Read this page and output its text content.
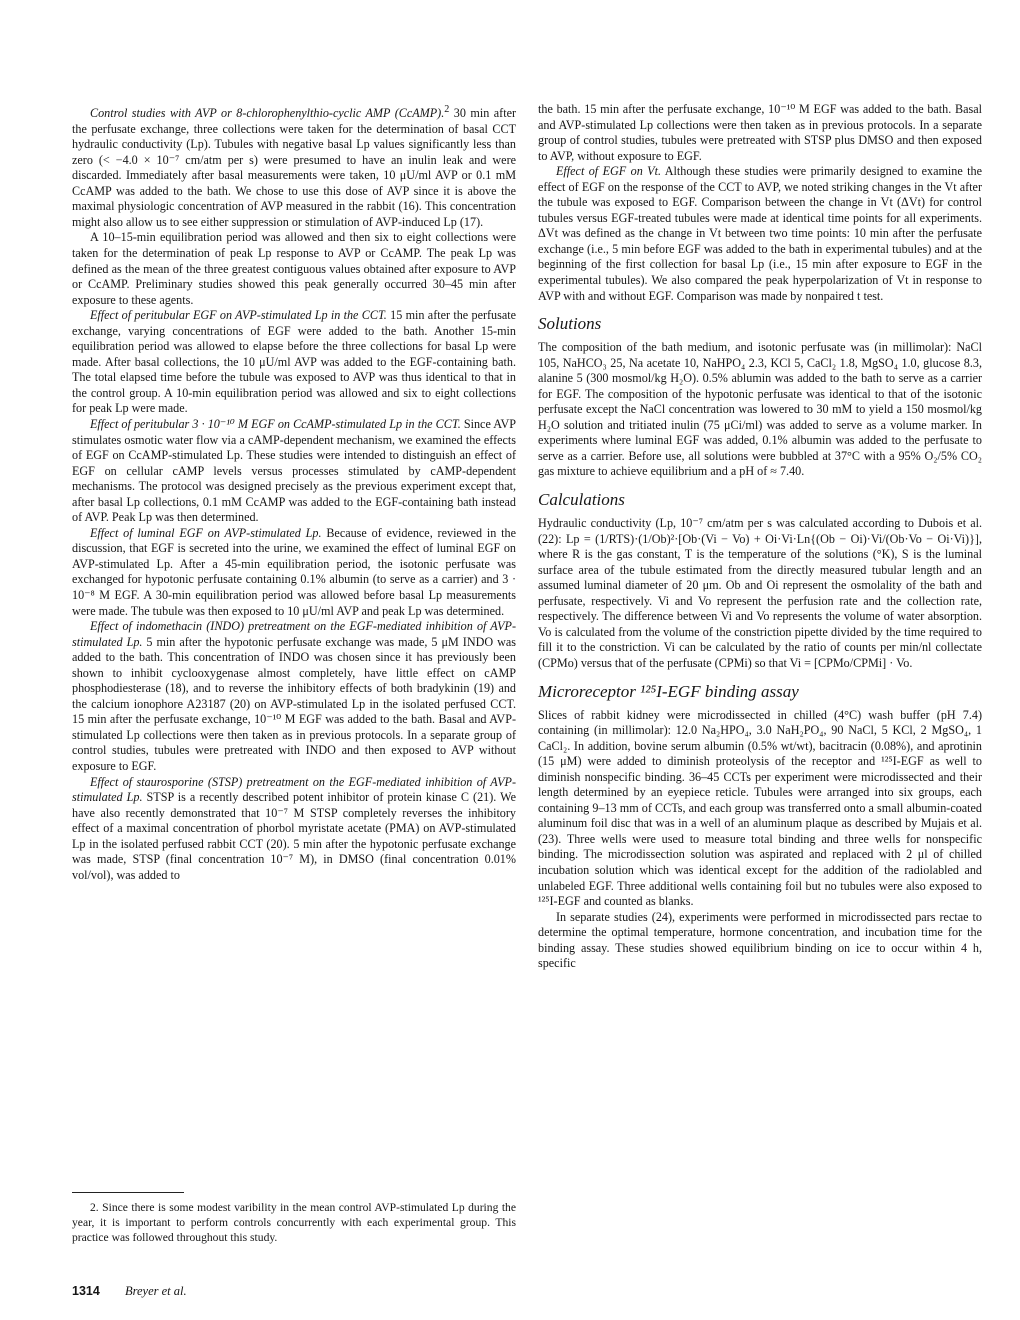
Control studies with AVP or 8-chlorophenylthio-cyclic AMP (CcAMP).$^2$ 30 min after the perfusate exchange, three collections were taken for the determination of basal CCT hydraulic conductivity (Lp). Tubules with negative basal Lp values significantly less than zero (< −4.0 × 10⁻⁷ cm/atm per s) were presumed to have an inulin leak and were discarded. Immediately after basal measurements were taken, 10 μU/ml AVP or 0.1 mM CcAMP was added to the bath. We chose to use this dose of AVP since it is above the maximal physiologic concentration of AVP measured in the rabbit (16). This concentration might also allow us to see either suppression or stimulation of AVP-induced Lp (17).

A 10–15-min equilibration period was allowed and then six to eight collections were taken for the determination of peak Lp response to AVP or CcAMP. The peak Lp was defined as the mean of the three greatest contiguous values obtained after exposure to AVP or CcAMP. Preliminary studies showed this peak generally occurred 30–45 min after exposure to these agents.

Effect of peritubular EGF on AVP-stimulated Lp in the CCT. 15 min after the perfusate exchange, varying concentrations of EGF were added to the bath. Another 15-min equilibration period was allowed to elapse before the three collections for basal Lp were made. After basal collections, the 10 μU/ml AVP was added to the EGF-containing bath. The total elapsed time before the tubule was exposed to AVP was thus identical to that in the control group. A 10-min equilibration period was allowed and six to eight collections for peak Lp were made.

Effect of peritubular 3 · 10⁻¹⁰ M EGF on CcAMP-stimulated Lp in the CCT. Since AVP stimulates osmotic water flow via a cAMP-dependent mechanism, we examined the effects of EGF on CcAMP-stimulated Lp. These studies were intended to distinguish an effect of EGF on cellular cAMP levels versus processes stimulated by cAMP-dependent mechanisms. The protocol was designed precisely as the previous experiment except that, after basal Lp collections, 0.1 mM CcAMP was added to the EGF-containing bath instead of AVP. Peak Lp was then determined.

Effect of luminal EGF on AVP-stimulated Lp. Because of evidence, reviewed in the discussion, that EGF is secreted into the urine, we examined the effect of luminal EGF on AVP-stimulated Lp. After a 45-min equilibration period, the isotonic perfusate was exchanged for hypotonic perfusate containing 0.1% albumin (to serve as a carrier) and 3 · 10⁻⁸ M EGF. A 30-min equilibration period was allowed before basal Lp measurements were made. The tubule was then exposed to 10 μU/ml AVP and peak Lp was determined.

Effect of indomethacin (INDO) pretreatment on the EGF-mediated inhibition of AVP-stimulated Lp. 5 min after the hypotonic perfusate exchange was made, 5 μM INDO was added to the bath. This concentration of INDO was chosen since it has previously been shown to inhibit cyclooxygenase almost completely, have little effect on cAMP phosphodiesterase (18), and to reverse the inhibitory effects of both bradykinin (19) and the calcium ionophore A23187 (20) on AVP-stimulated Lp in the isolated perfused CCT. 15 min after the perfusate exchange, 10⁻¹⁰ M EGF was added to the bath. Basal and AVP-stimulated Lp collections were then taken as in previous protocols. In a separate group of control studies, tubules were pretreated with INDO and then exposed to AVP without exposure to EGF.

Effect of staurosporine (STSP) pretreatment on the EGF-mediated inhibition of AVP-stimulated Lp. STSP is a recently described potent inhibitor of protein kinase C (21). We have also recently demonstrated that 10⁻⁷ M STSP completely reverses the inhibitory effect of a maximal concentration of phorbol myristate acetate (PMA) on AVP-stimulated Lp in the isolated perfused rabbit CCT (20). 5 min after the hypotonic perfusate exchange was made, STSP (final concentration 10⁻⁷ M), in DMSO (final concentration 0.01% vol/vol), was added to

the bath. 15 min after the perfusate exchange, 10⁻¹⁰ M EGF was added to the bath. Basal and AVP-stimulated Lp collections were then taken as in previous protocols. In a separate group of control studies, tubules were pretreated with STSP plus DMSO and then exposed to AVP, without exposure to EGF.

Effect of EGF on Vt. Although these studies were primarily designed to examine the effect of EGF on the response of the CCT to AVP, we noted striking changes in the Vt after the tubule was exposed to EGF. Comparison between the change in Vt (ΔVt) for control tubules versus EGF-treated tubules were made at identical time points for all experiments. ΔVt was defined as the change in Vt between two time points: 10 min after the perfusate exchange (i.e., 5 min before EGF was added to the bath in experimental tubules) and at the beginning of the first collection for basal Lp (i.e., 15 min after exposure to EGF in the experimental tubules). We also compared the peak hyperpolarization of Vt in response to AVP with and without EGF. Comparison was made by nonpaired t test.

Solutions

The composition of the bath medium, and isotonic perfusate was (in millimolar): NaCl 105, NaHCO₃ 25, Na acetate 10, NaHPO₄ 2.3, KCl 5, CaCl₂ 1.8, MgSO₄ 1.0, glucose 8.3, alanine 5 (300 mosmol/kg H₂O). 0.5% ablumin was added to the bath to serve as a carrier for EGF. The composition of the hypotonic perfusate was identical to that of the isotonic perfusate except the NaCl concentration was lowered to 30 mM to yield a 150 mosmol/kg H₂O solution and tritiated inulin (75 μCi/ml) was added to serve as a volume marker. In experiments where luminal EGF was added, 0.1% albumin was added to the perfusate to serve as a carrier. Before use, all solutions were bubbled at 37°C with a 95% O₂/5% CO₂ gas mixture to achieve equilibrium and a pH of ≈ 7.40.

Calculations

Hydraulic conductivity (Lp, 10⁻⁷ cm/atm per s was calculated according to Dubois et al. (22): Lp = (1/RTS)·(1/Ob)²·[Ob·(Vi − Vo) + Oi·Vi·Ln{(Ob − Oi)·Vi/(Ob·Vo − Oi·Vi)}], where R is the gas constant, T is the temperature of the solutions (°K), S is the luminal surface area of the tubule estimated from the directly measured tubular length and an assumed luminal diameter of 20 μm. Ob and Oi represent the osmolality of the bath and perfusate, respectively. Vi and Vo represent the perfusion rate and the collection rate, respectively. The difference between Vi and Vo represents the volume of water absorption. Vo is calculated from the volume of the constriction pipette divided by the time required to fill it to the constriction. Vi can be calculated by the ratio of counts per min/nl collectate (CPMo) versus that of the perfusate (CPMi) so that Vi = [CPMo/CPMi] · Vo.

Microreceptor ¹²⁵I-EGF binding assay

Slices of rabbit kidney were microdissected in chilled (4°C) wash buffer (pH 7.4) containing (in millimolar): 12.0 Na₂HPO₄, 3.0 NaH₂PO₄, 90 NaCl, 5 KCl, 2 MgSO₄, 1 CaCl₂. In addition, bovine serum albumin (0.5% wt/wt), bacitracin (0.08%), and aprotinin (15 μM) were added to diminish proteolysis of the receptor and ¹²⁵I-EGF as well to diminish nonspecific binding. 36–45 CCTs per experiment were microdissected and their length determined by an eyepiece reticle. Tubules were arranged into six groups, each containing 9–13 mm of CCTs, and each group was transferred onto a small albumin-coated aluminum foil disc that was in a well of an aluminum plaque as described by Mujais et al. (23). Three wells were used to measure total binding and three wells for nonspecific binding. The microdissection solution was aspirated and replaced with 2 μl of chilled incubation solution which was identical except for the addition of the radiolabled and unlabeled EGF. Three additional wells containing foil but no tubules were also exposed to ¹²⁵I-EGF and counted as blanks.

In separate studies (24), experiments were performed in microdissected pars rectae to determine the optimal temperature, hormone concentration, and incubation time for the binding assay. These studies showed equilibrium binding on ice to occur within 4 h, specific

2. Since there is some modest varibility in the mean control AVP-stimulated Lp during the year, it is important to perform controls concurrently with each experimental group. This practice was followed throughout this study.

1314 Breyer et al.
